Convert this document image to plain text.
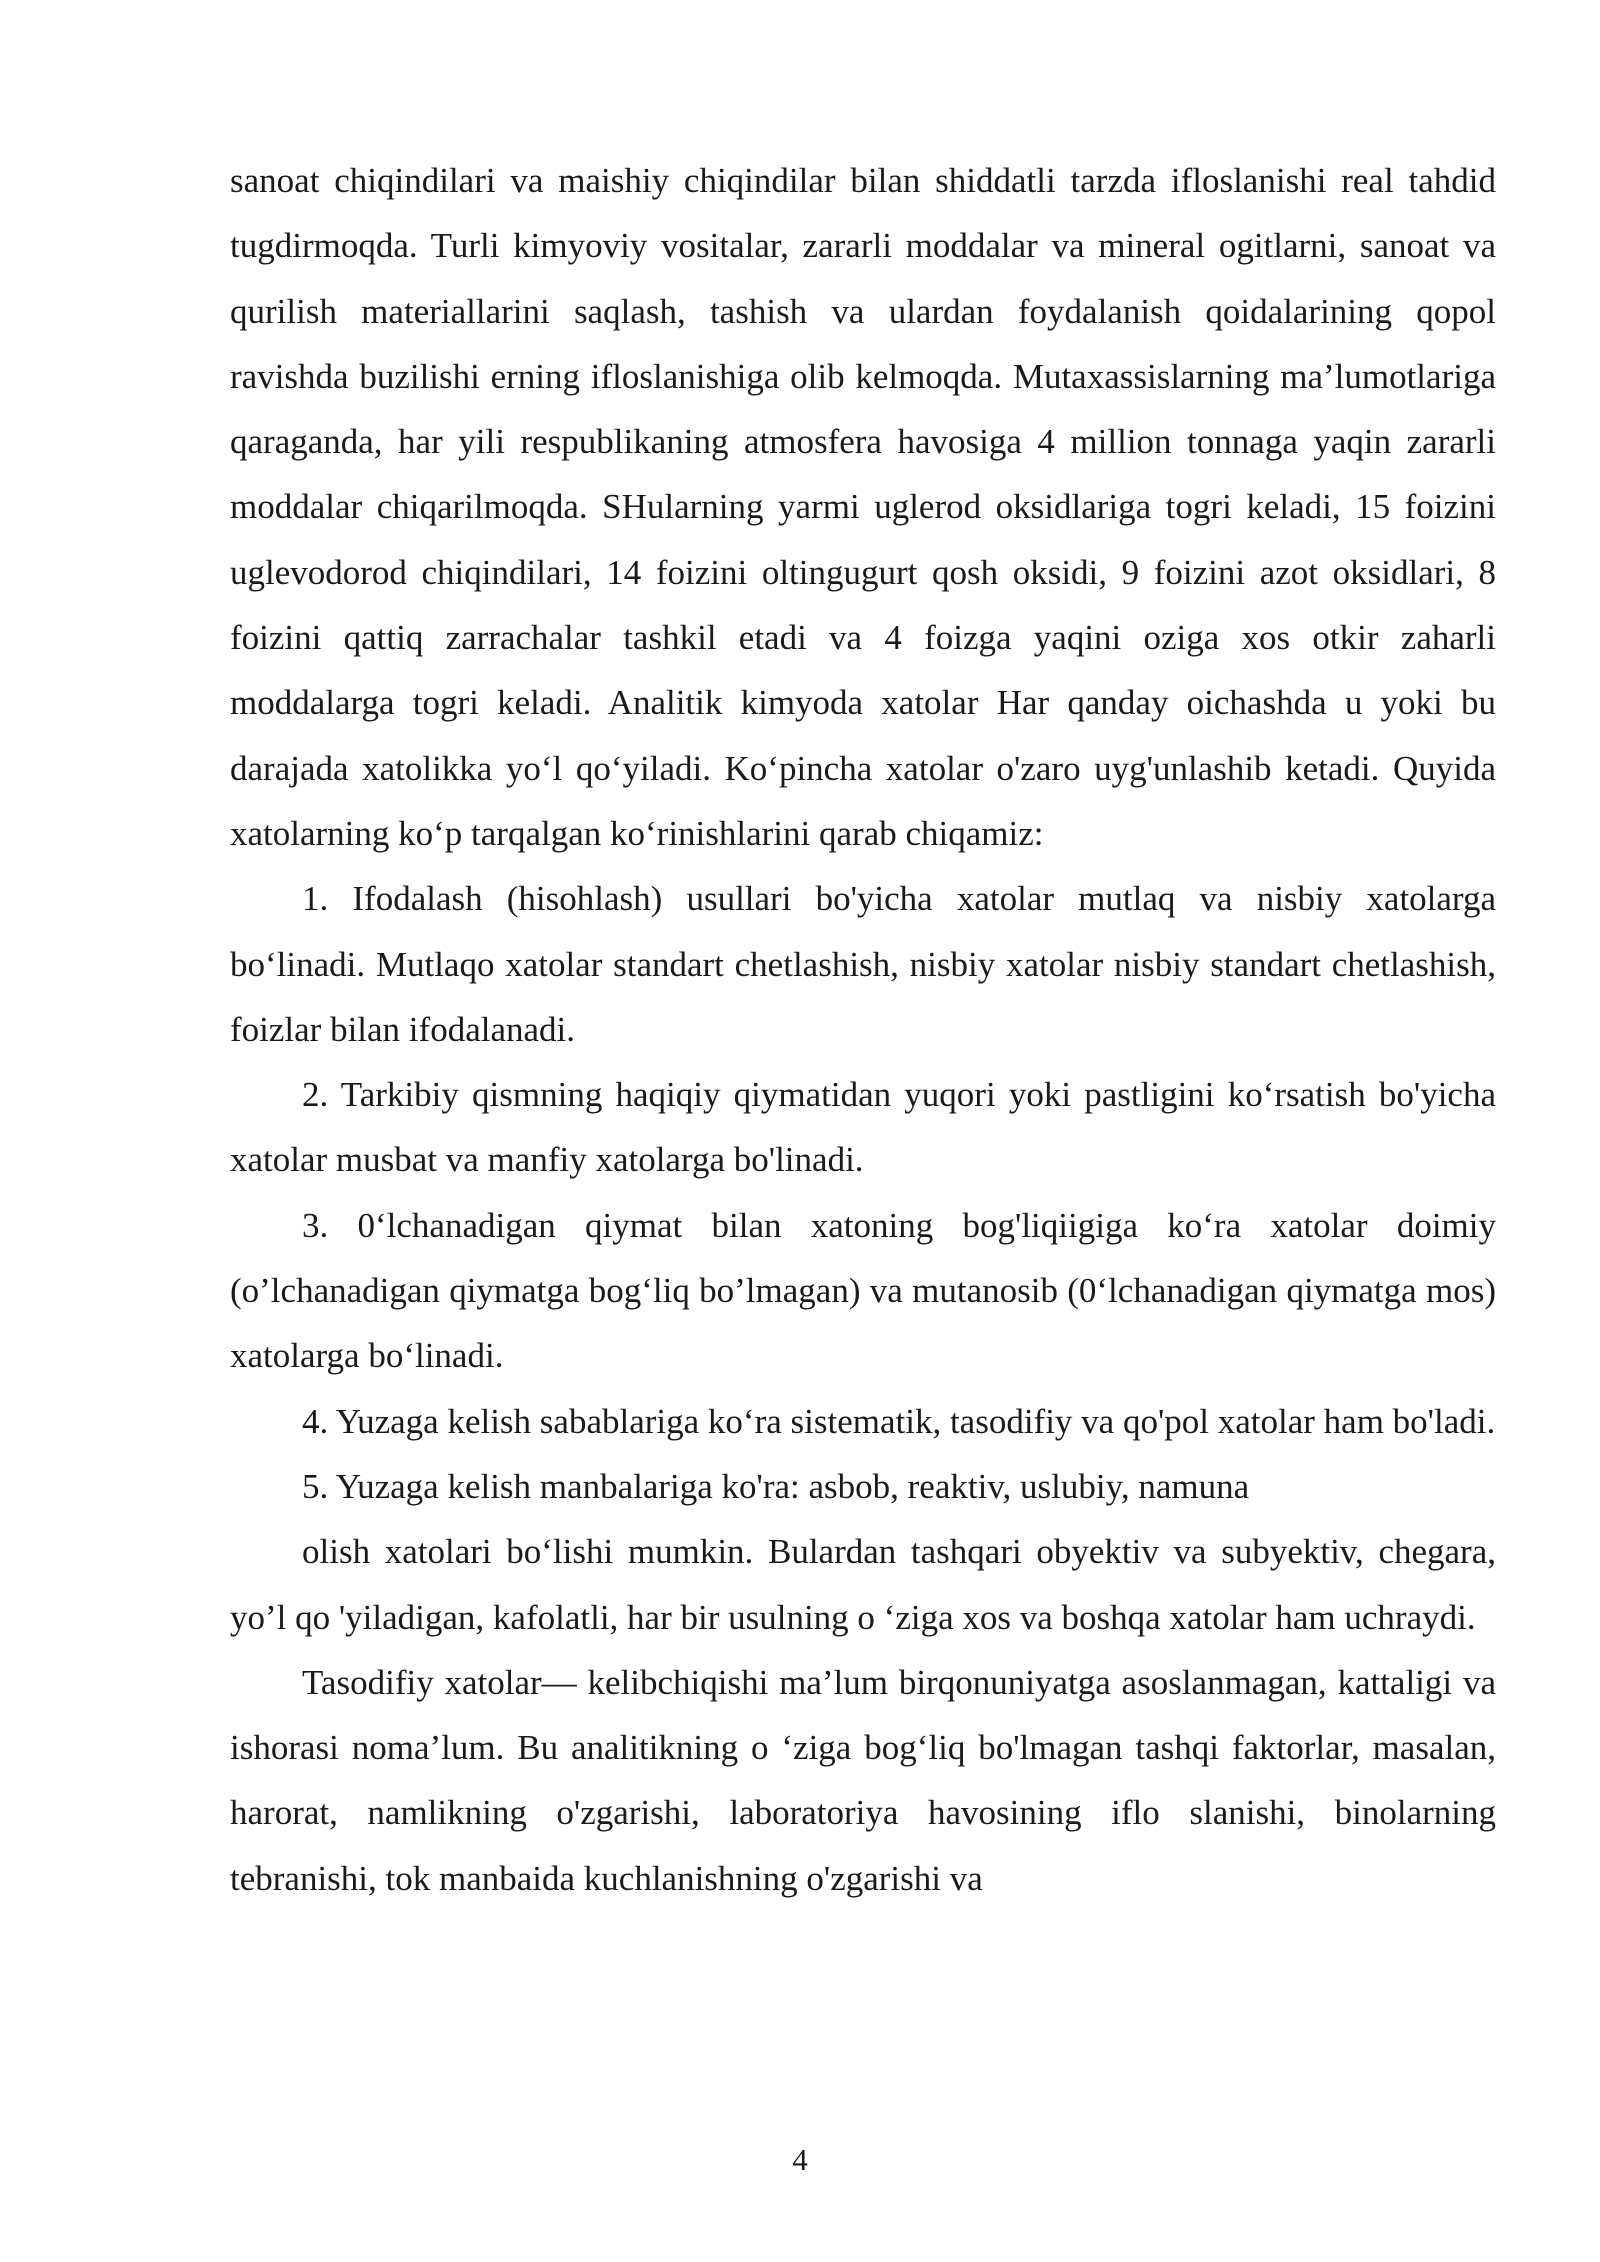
sanoat chiqindilari va maishiy chiqindilar bilan shiddatli tarzda ifloslanishi real tahdid tugdirmoqda. Turli kimyoviy vositalar, zararli moddalar va mineral ogitlarni, sanoat va qurilish materiallarini saqlash, tashish va ulardan foydalanish qoidalarining qopol ravishda buzilishi erning ifloslanishiga olib kelmoqda. Mutaxassislarning ma’lumotlariga qaraganda, har yili respublikaning atmosfera havosiga 4 million tonnaga yaqin zararli moddalar chiqarilmoqda. SHularning yarmi uglerod oksidlariga togri keladi, 15 foizini uglevodorod chiqindilari, 14 foizini oltingugurt qosh oksidi, 9 foizini azot oksidlari, 8 foizini qattiq zarrachalar tashkil etadi va 4 foizga yaqini oziga xos otkir zaharli moddalarga togri keladi. Analitik kimyoda xatolar Har qanday oichashda u yoki bu darajada xatolikka yo‘l qo‘yiladi. Ko‘pincha xatolar o'zaro uyg'unlashib ketadi. Quyida xatolarning ko‘p tarqalgan ko‘rinishlarini qarab chiqamiz:

1. Ifodalash (hisohlash) usullari bo'yicha xatolar mutlaq va nisbiy xatolarga bo‘linadi. Mutlaqo xatolar standart chetlashish, nisbiy xatolar nisbiy standart chetlashish, foizlar bilan ifodalanadi.

2. Tarkibiy qismning haqiqiy qiymatidan yuqori yoki pastligini ko‘rsatish bo'yicha xatolar musbat va manfiy xatolarga bo'linadi.

3. 0‘lchanadigan qiymat bilan xatoning bog'liqiigiga ko‘ra xatolar doimiy (o’lchanadigan qiymatga bog‘liq bo’lmagan) va mutanosib (0‘lchanadigan qiymatga mos) xatolarga bo‘linadi.

4. Yuzaga kelish sabablariga ko‘ra sistematik, tasodifiy va qo'pol xatolar ham bo'ladi.

5. Yuzaga kelish manbalariga ko'ra: asbob, reaktiv, uslubiy, namuna

olish xatolari bo‘lishi mumkin. Bulardan tashqari obyektiv va subyektiv, chegara, yo’l qo 'yiladigan, kafolatli, har bir usulning o ‘ziga xos va boshqa xatolar ham uchraydi.

Tasodifiy xatolar— kelibchiqishi ma’lum birqonuniyatga asoslanmagan, kattaligi va ishorasi noma’lum. Bu analitikning o ‘ziga bog‘liq bo'lmagan tashqi faktorlar, masalan, harorat, namlikning o'zgarishi, laboratoriya havosining iflo slanishi, binolarning tebranishi, tok manbaida kuchlanishning o'zgarishi va

4
